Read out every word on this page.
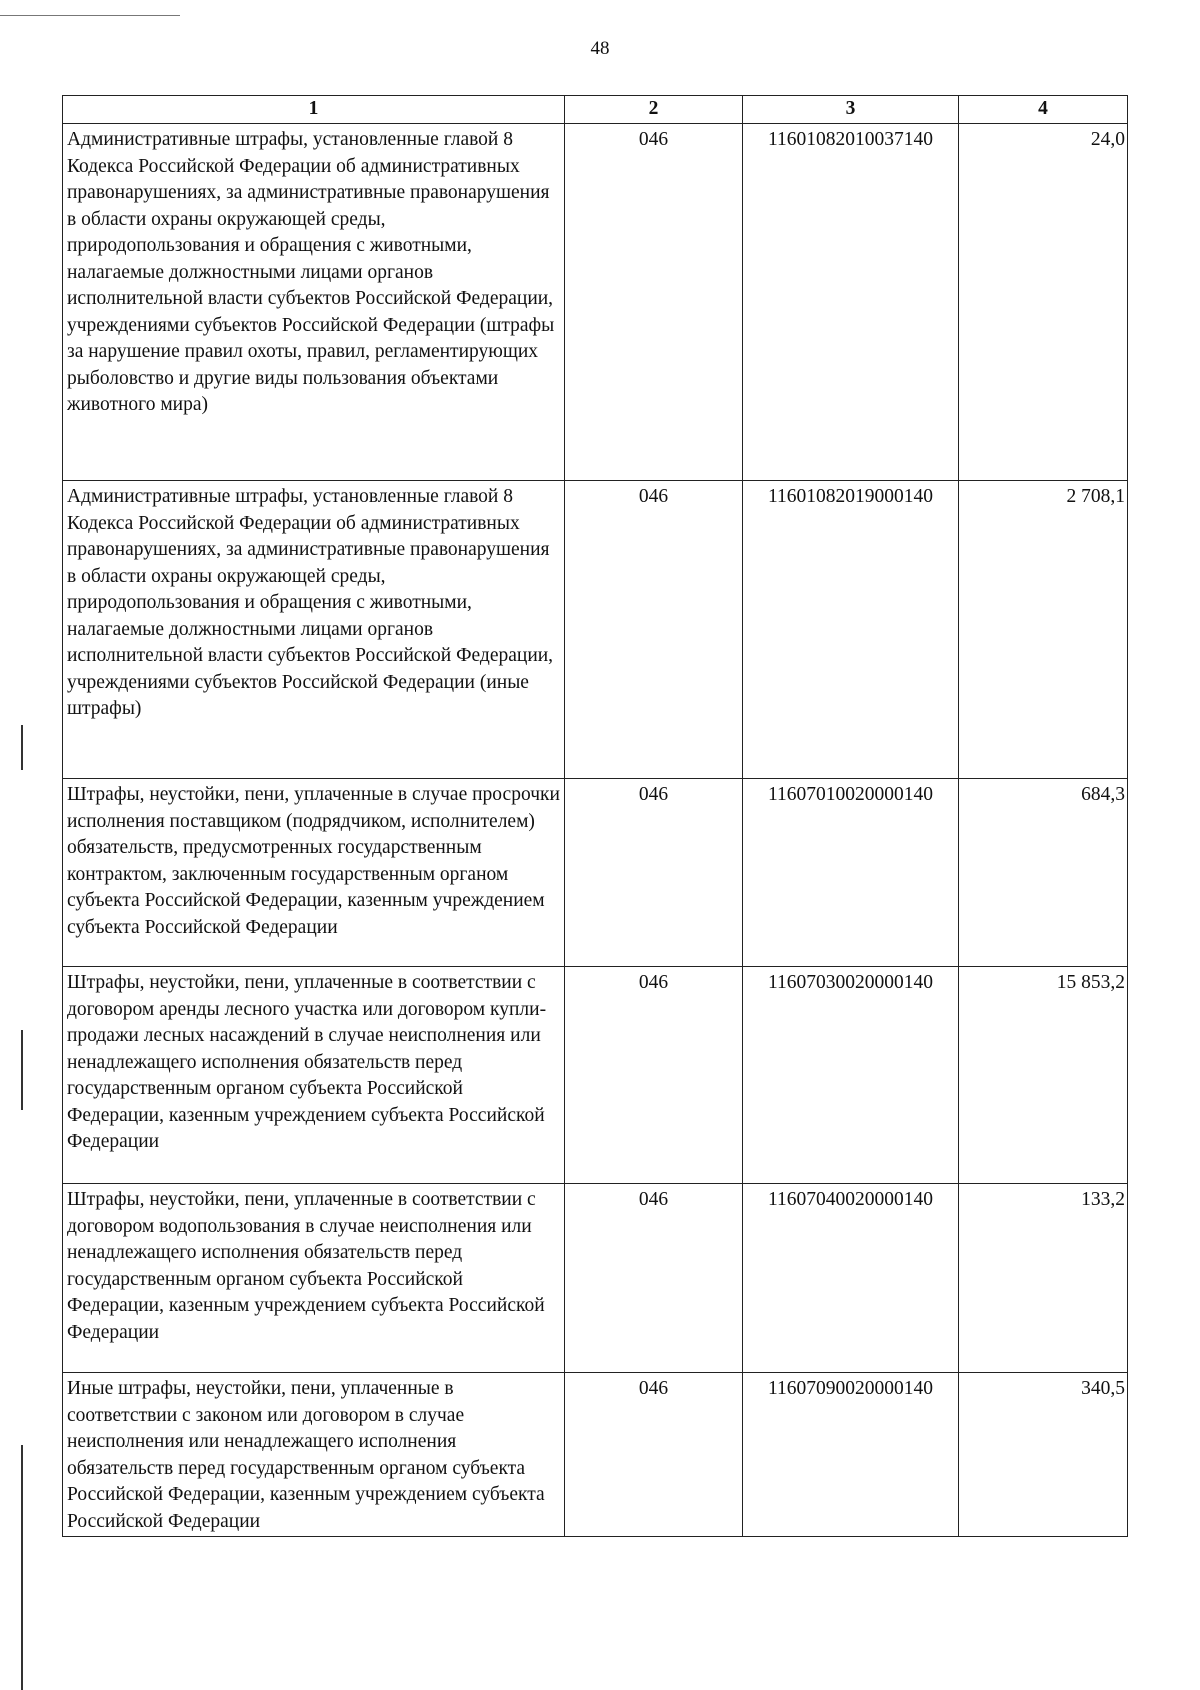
48
1	2	3	4
Административные штрафы, установленные главой 8 Кодекса Российской Федерации об административных правонарушениях, за административные правонарушения в области охраны окружающей среды, природопользования и обращения с животными, налагаемые должностными лицами органов исполнительной власти субъектов Российской Федерации, учреждениями субъектов Российской Федерации (штрафы за нарушение правил охоты, правил, регламентирующих рыболовство и другие виды пользования объектами животного мира)	046	11601082010037140	24,0
Административные штрафы, установленные главой 8 Кодекса Российской Федерации об административных правонарушениях, за административные правонарушения в области охраны окружающей среды, природопользования и обращения с животными, налагаемые должностными лицами органов исполнительной власти субъектов Российской Федерации, учреждениями субъектов Российской Федерации (иные штрафы)	046	11601082019000140	2 708,1
Штрафы, неустойки, пени, уплаченные в случае просрочки исполнения поставщиком (подрядчиком, исполнителем) обязательств, предусмотренных государственным контрактом, заключенным государственным органом субъекта Российской Федерации, казенным учреждением субъекта Российской Федерации	046	11607010020000140	684,3
Штрафы, неустойки, пени, уплаченные в соответствии с договором аренды лесного участка или договором купли-продажи лесных насаждений в случае неисполнения или ненадлежащего исполнения обязательств перед государственным органом субъекта Российской Федерации, казенным учреждением субъекта Российской Федерации	046	11607030020000140	15 853,2
Штрафы, неустойки, пени, уплаченные в соответствии с договором водопользования в случае неисполнения или ненадлежащего исполнения обязательств перед государственным органом субъекта Российской Федерации, казенным учреждением субъекта Российской Федерации	046	11607040020000140	133,2
Иные штрафы, неустойки, пени, уплаченные в соответствии с законом или договором в случае неисполнения или ненадлежащего исполнения обязательств перед государственным органом субъекта Российской Федерации, казенным учреждением субъекта Российской Федерации	046	11607090020000140	340,5
